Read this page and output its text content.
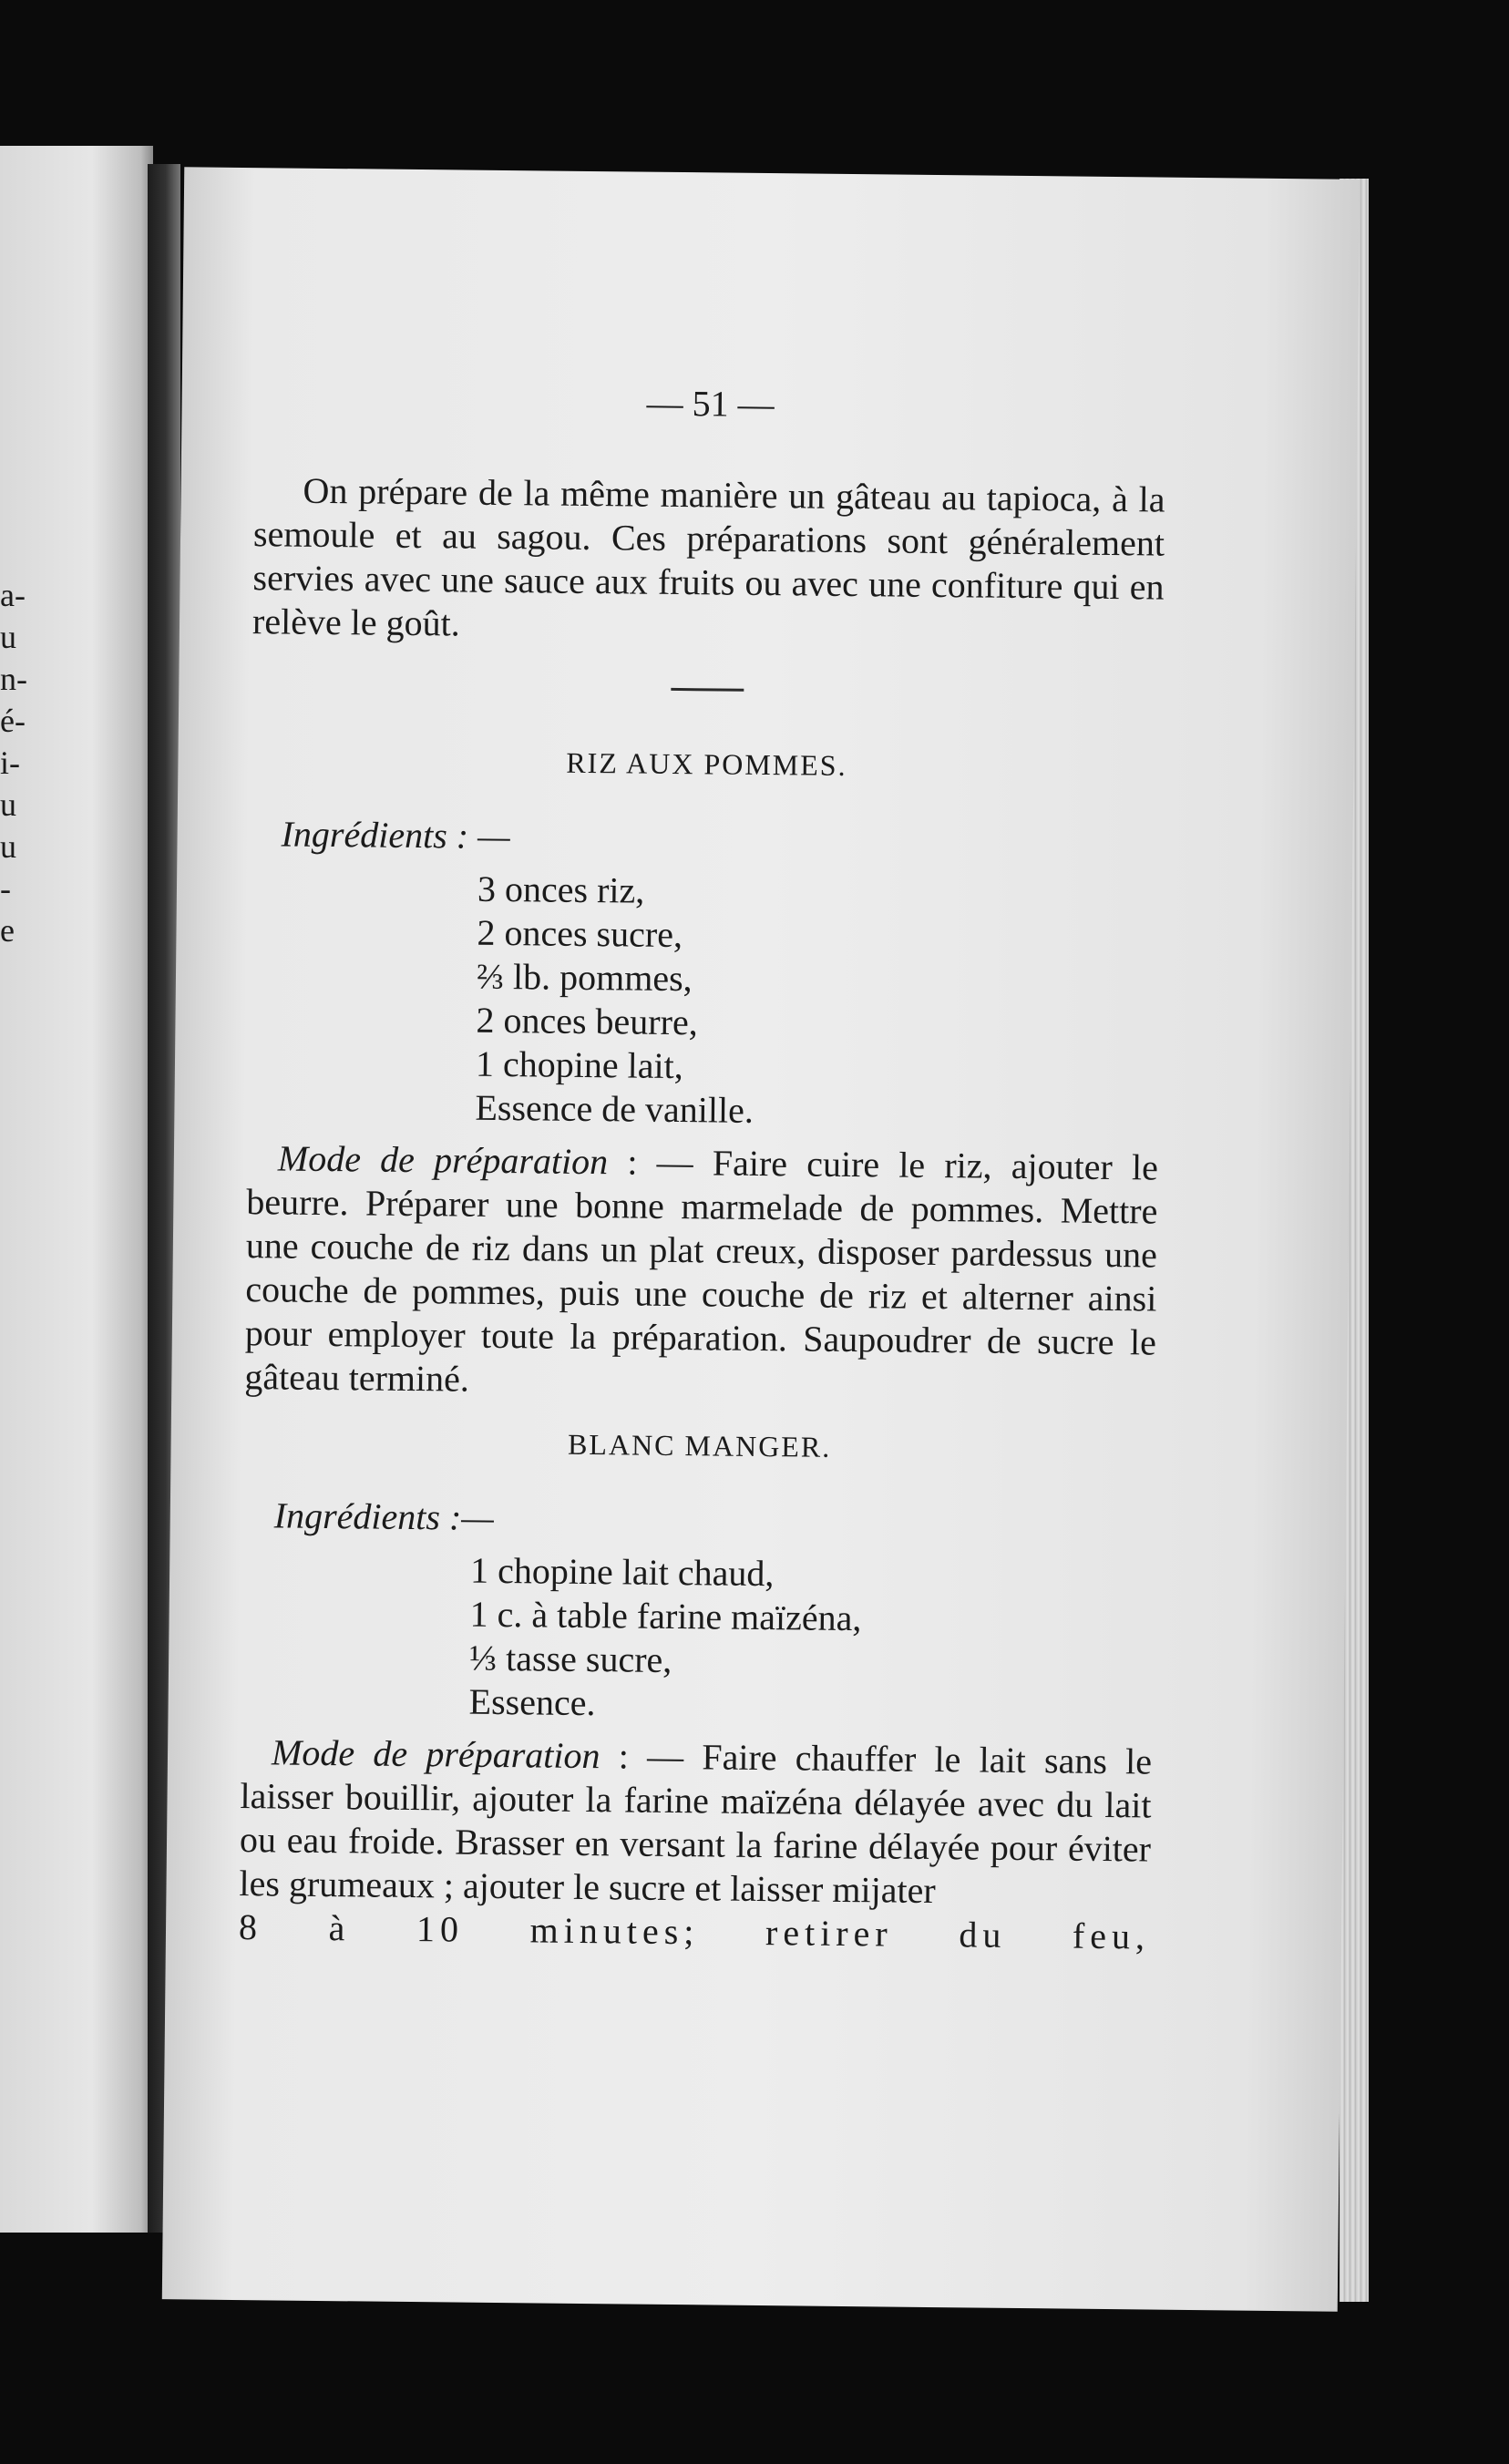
a-
u
n-
é-
i-
u
u
-
e
— 51 —

On prépare de la même manière un gâteau au tapioca, à la semoule et au sagou. Ces préparations sont généralement servies avec une sauce aux fruits ou avec une confiture qui en relève le goût.

RIZ AUX POMMES.
Ingrédients : —
3 onces riz,
2 onces sucre,
⅔ lb. pommes,
2 onces beurre,
1 chopine lait,
Essence de vanille.

Mode de préparation : — Faire cuire le riz, ajouter le beurre. Préparer une bonne marmelade de pommes. Mettre une couche de riz dans un plat creux, disposer pardessus une couche de pommes, puis une couche de riz et alterner ainsi pour employer toute la préparation. Saupoudrer de sucre le gâteau terminé.

BLANC MANGER.
Ingrédients :—
1 chopine lait chaud,
1 c. à table farine maïzéna,
⅓ tasse sucre,
Essence.

Mode de préparation : — Faire chauffer le lait sans le laisser bouillir, ajouter la farine maïzéna délayée avec du lait ou eau froide. Brasser en versant la farine délayée pour éviter les grumeaux ; ajouter le sucre et laisser mijater

8 à 10 minutes; retirer du feu,
